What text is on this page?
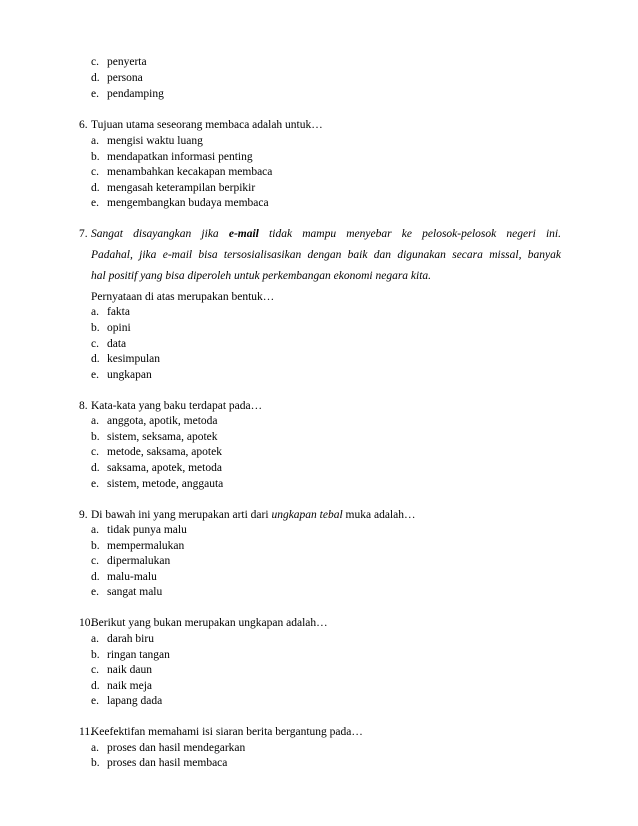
c. penyerta
d. persona
e. pendamping
6. Tujuan utama seseorang membaca adalah untuk…
a. mengisi waktu luang
b. mendapatkan informasi penting
c. menambahkan kecakapan membaca
d. mengasah keterampilan berpikir
e. mengembangkan budaya membaca
7. Sangat disayangkan jika e-mail tidak mampu menyebar ke pelosok-pelosok negeri ini.
Padahal, jika e-mail bisa tersosialisasikan dengan baik dan digunakan secara missal, banyak
hal positif yang bisa diperoleh untuk perkembangan ekonomi negara kita.
Pernyataan di atas merupakan bentuk…
a. fakta
b. opini
c. data
d. kesimpulan
e. ungkapan
8. Kata-kata yang baku terdapat pada…
a. anggota, apotik, metoda
b. sistem, seksama, apotek
c. metode, saksama, apotek
d. saksama, apotek, metoda
e. sistem, metode, anggauta
9. Di bawah ini yang merupakan arti dari ungkapan tebal muka adalah…
a. tidak punya malu
b. mempermalukan
c. dipermalukan
d. malu-malu
e. sangat malu
10.
Berikut yang bukan merupakan ungkapan adalah…
a. darah biru
b. ringan tangan
c. naik daun
d. naik meja
e. lapang dada
11.
Keefektifan memahami isi siaran berita bergantung pada…
a. proses dan hasil mendegarkan
b. proses dan hasil membaca
